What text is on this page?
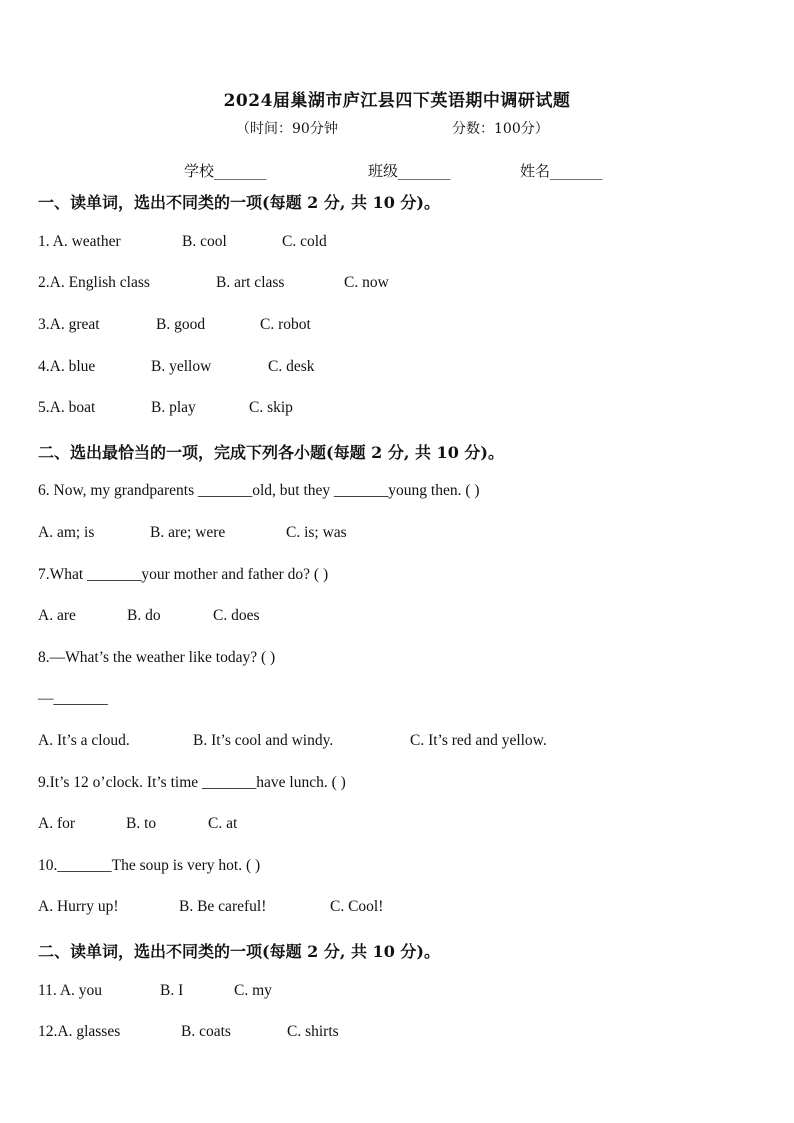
2024届巢湖市庐江县四下英语期中调研试题
（时间：90分钟	分数：100分）
学校_______	班级_______	姓名_______
一、读单词，选出不同类的一项(每题 2 分, 共 10 分)。
1. A. weather	B. cool	C. cold
2.A. English class	B. art class	C. now
3.A. great	B. good	C. robot
4.A. blue	B. yellow	C. desk
5.A. boat	B. play	C. skip
二、选出最恰当的一项，完成下列各小题(每题 2 分, 共 10 分)。
6. Now, my grandparents _______old, but they _______young then. ( )
A. am; is	B. are; were	C. is; was
7.What _______your mother and father do? ( )
A. are	B. do	C. does
8.—What’s the weather like today? ( )
—_______
A. It’s a cloud.	B. It’s cool and windy.	C. It’s red and yellow.
9.It’s 12 o’clock. It’s time _______have lunch. ( )
A. for	B. to	C. at
10._______The soup is very hot. ( )
A. Hurry up!	B. Be careful!	C. Cool!
二、读单词，选出不同类的一项(每题 2 分, 共 10 分)。
11. A. you	B. I	C. my
12.A. glasses	B. coats	C. shirts
